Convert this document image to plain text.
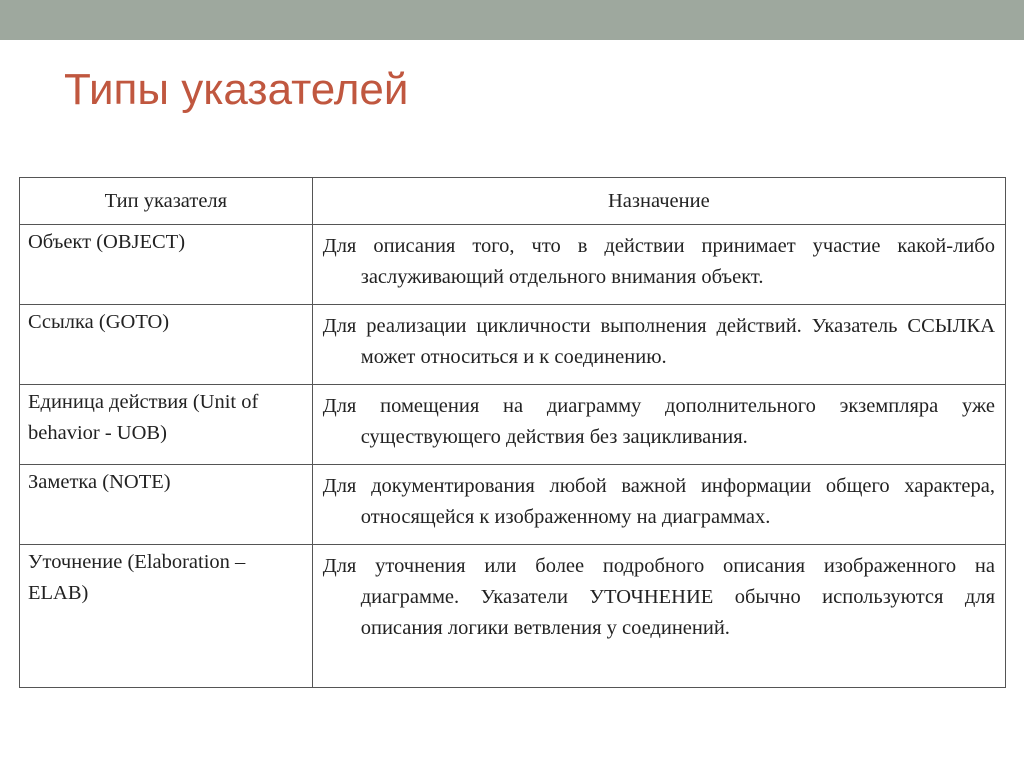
Типы указателей
Тип указателя	Назначение
Объект (OBJECT)	Для описания того, что в действии принимает участие какой-либо заслуживающий отдельного внимания объект.

Ссылка (GOTO)	Для реализации цикличности выполнения действий. Указатель ССЫЛКА может относиться и к соединению.

Единица действия (Unit of behavior - UOB)	Для помещения на диаграмму дополнительного экземпляра уже существующего действия без зацикливания.

Заметка (NOTE)	Для документирования любой важной информации общего характера, относящейся к изображенному на диаграммах.

Уточнение (Elaboration – ELAB)	Для уточнения или более подробного описания изображенного на диаграмме. Указатели УТОЧНЕНИЕ обычно используются для описания логики ветвления у соединений.
